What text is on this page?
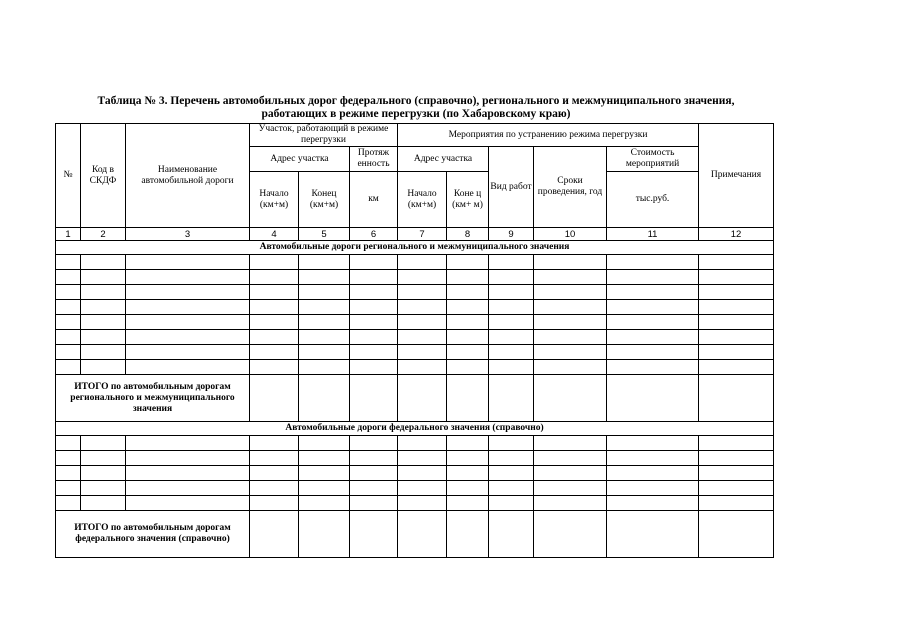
Таблица № 3. Перечень автомобильных дорог федерального (справочно), регионального и межмуниципального значения,
работающих в режиме перегрузки (по Хабаровскому краю)
№	Код в СКДФ	Наименование автомобильной дороги	Участок, работающий в режиме перегрузки			Мероприятия по устранению режима перегрузки					Примечания
			Адрес участка		Протяж енность	Адрес участка		Вид работ	Сроки проведения, год	Стоимость мероприятий	
			Начало (км+м)	Конец (км+м)	км	Начало (км+м)	Коне ц (км+ м)			тыс.руб.	
1	2	3	4	5	6	7	8	9	10	11	12
Автомобильные дороги регионального и межмуниципального значения											

ИТОГО по автомобильным дорогам регионального и межмуниципального значения											
Автомобильные дороги федерального значения (справочно)											

ИТОГО по автомобильным дорогам федерального значения (справочно)											
